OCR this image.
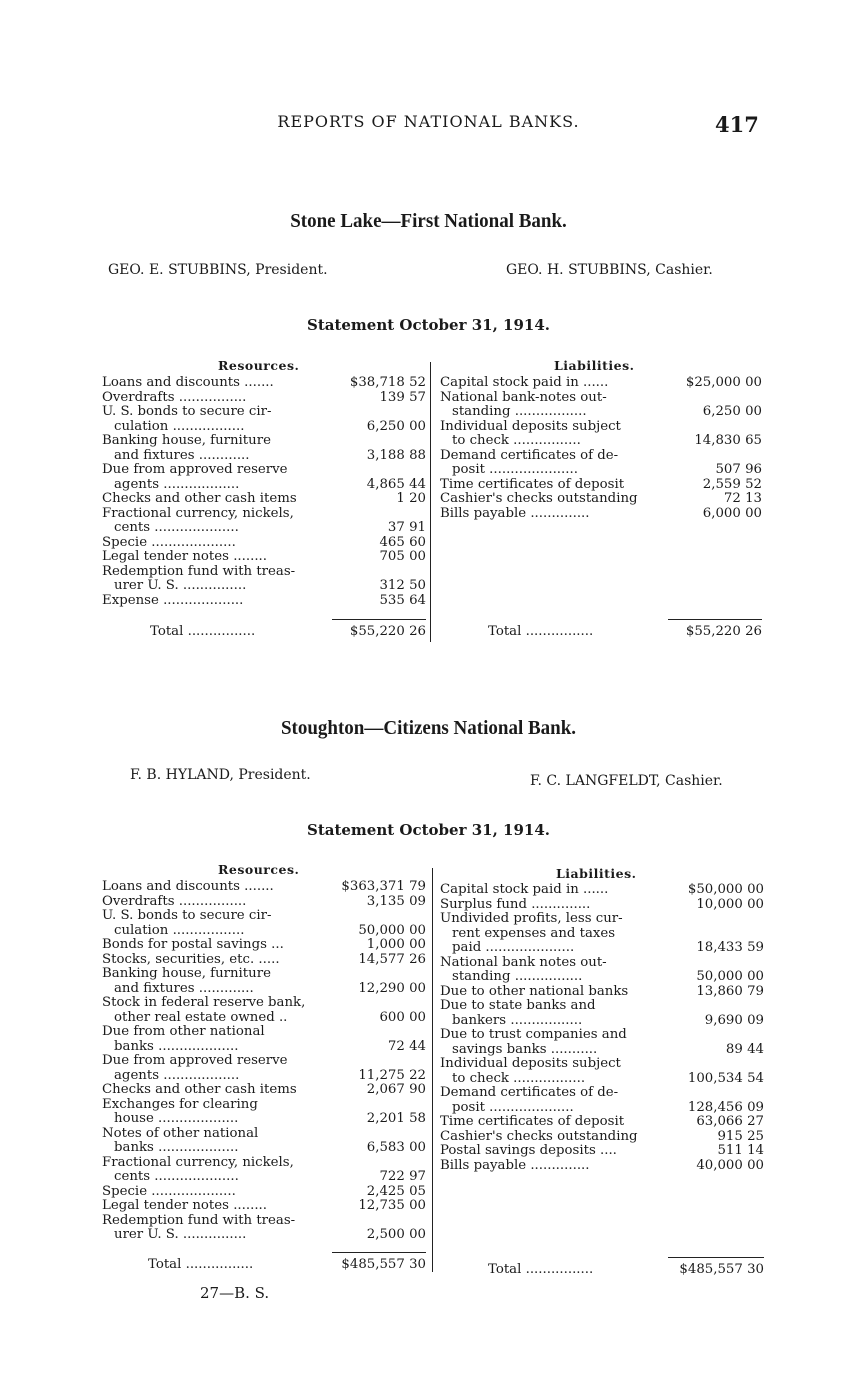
REPORTS OF NATIONAL BANKS.	417
Stone Lake—First National Bank.
GEO. E. STUBBINS, President.	GEO. H. STUBBINS, Cashier.
Statement October 31, 1914.
Resources.	Liabilities.
Loans and discounts .......	$38,718 52
Overdrafts ................	139 57
U. S. bonds to secure cir-
culation .................	6,250 00
Banking house, furniture
and fixtures ............	3,188 88
Due from approved reserve
agents ..................	4,865 44
Checks and other cash items	1 20
Fractional currency, nickels,
cents ....................	37 91
Specie ....................	465 60
Legal tender notes ........	705 00
Redemption fund with treas-
urer U. S. ...............	312 50
Expense ...................	535 64
Capital stock paid in ......	$25,000 00
National bank-notes out-
standing .................	6,250 00
Individual deposits subject
to check ................	14,830 65
Demand certificates of de-
posit .....................	507 96
Time certificates of deposit	2,559 52
Cashier's checks outstanding	72 13
Bills payable ..............	6,000 00
Total ................	$55,220 26	Total ................	$55,220 26
Stoughton—Citizens National Bank.
F. B. HYLAND, President.	F. C. LANGFELDT, Cashier.
Statement October 31, 1914.
Resources.	Liabilities.
Loans and discounts .......	$363,371 79
Overdrafts ................	3,135 09
U. S. bonds to secure cir-
culation .................	50,000 00
Bonds for postal savings ...	1,000 00
Stocks, securities, etc. .....	14,577 26
Banking house, furniture
and fixtures .............	12,290 00
Stock in federal reserve bank,
other real estate owned ..	600 00
Due from other national
banks ...................	72 44
Due from approved reserve
agents ..................	11,275 22
Checks and other cash items	2,067 90
Exchanges for clearing
house ...................	2,201 58
Notes of other national
banks ...................	6,583 00
Fractional currency, nickels,
cents ....................	722 97
Specie ....................	2,425 05
Legal tender notes ........	12,735 00
Redemption fund with treas-
urer U. S. ...............	2,500 00
Capital stock paid in ......	$50,000 00
Surplus fund ..............	10,000 00
Undivided profits, less cur-
rent expenses and taxes
paid .....................	18,433 59
National bank notes out-
standing ................	50,000 00
Due to other national banks	13,860 79
Due to state banks and
bankers .................	9,690 09
Due to trust companies and
savings banks ...........	89 44
Individual deposits subject
to check .................	100,534 54
Demand certificates of de-
posit ....................	128,456 09
Time certificates of deposit	63,066 27
Cashier's checks outstanding	915 25
Postal savings deposits ....	511 14
Bills payable ..............	40,000 00
Total ................	$485,557 30	Total ................	$485,557 30
27—B. S.
